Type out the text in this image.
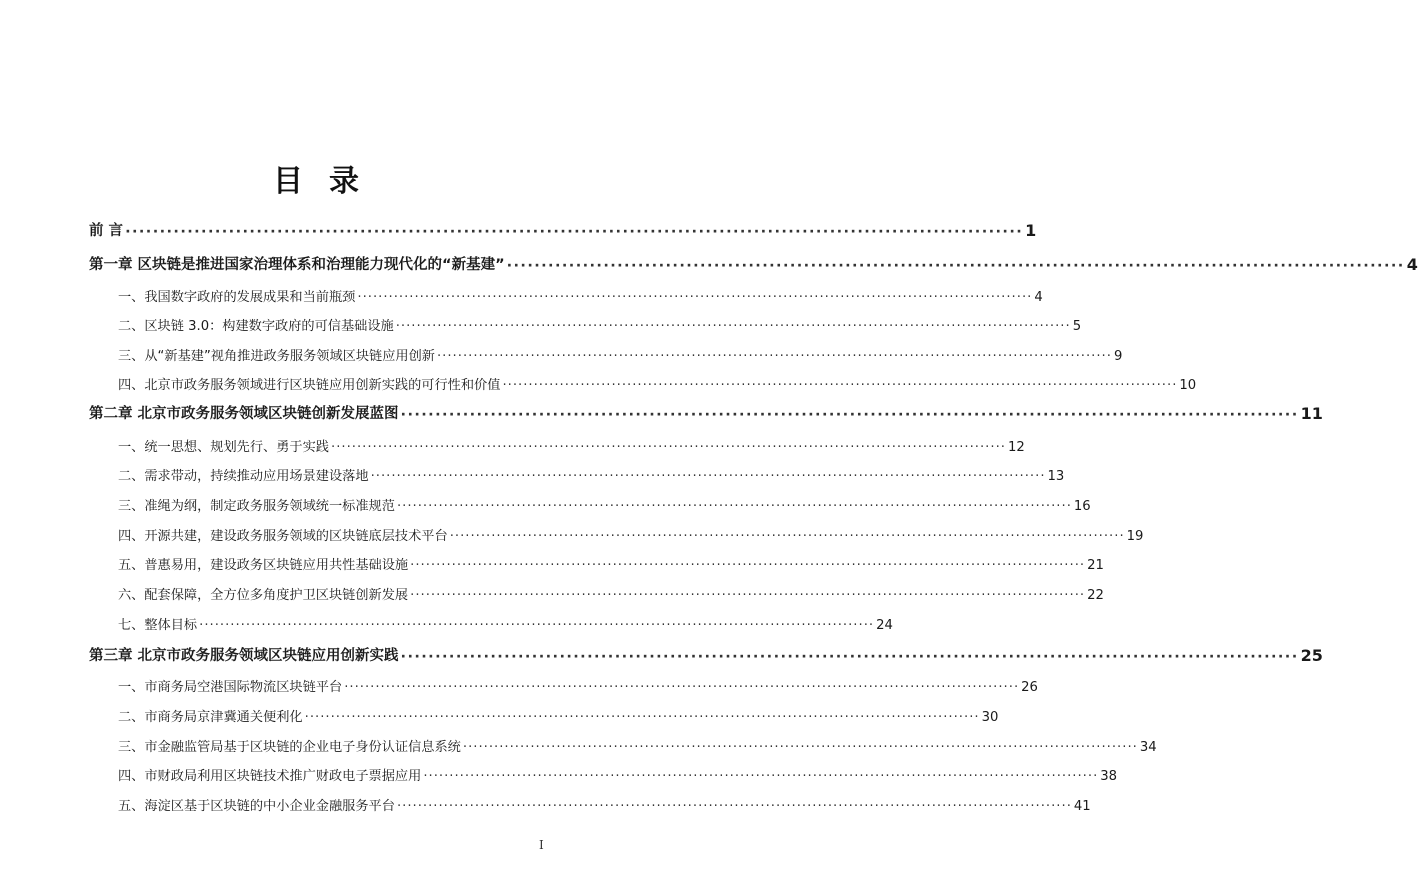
目录
前 言 ·································································································································· 1
第一章 区块链是推进国家治理体系和治理能力现代化的“新基建” ·································································································································· 4
一、我国数字政府的发展成果和当前瓶颈 ·································································································································· 4
二、区块链 3.0：构建数字政府的可信基础设施 ·································································································································· 5
三、从“新基建”视角推进政务服务领域区块链应用创新 ·································································································································· 9
四、北京市政务服务领域进行区块链应用创新实践的可行性和价值 ·································································································································· 10
第二章 北京市政务服务领域区块链创新发展蓝图 ·································································································································· 11
一、统一思想、规划先行、勇于实践 ·································································································································· 12
二、需求带动，持续推动应用场景建设落地 ·································································································································· 13
三、准绳为纲，制定政务服务领域统一标准规范 ·································································································································· 16
四、开源共建，建设政务服务领域的区块链底层技术平台 ·································································································································· 19
五、普惠易用，建设政务区块链应用共性基础设施 ·································································································································· 21
六、配套保障，全方位多角度护卫区块链创新发展 ·································································································································· 22
七、整体目标 ·································································································································· 24
第三章 北京市政务服务领域区块链应用创新实践 ·································································································································· 25
一、市商务局空港国际物流区块链平台 ·································································································································· 26
二、市商务局京津冀通关便利化 ·································································································································· 30
三、市金融监管局基于区块链的企业电子身份认证信息系统 ·································································································································· 34
四、市财政局利用区块链技术推广财政电子票据应用 ·································································································································· 38
五、海淀区基于区块链的中小企业金融服务平台 ·································································································································· 41
I
